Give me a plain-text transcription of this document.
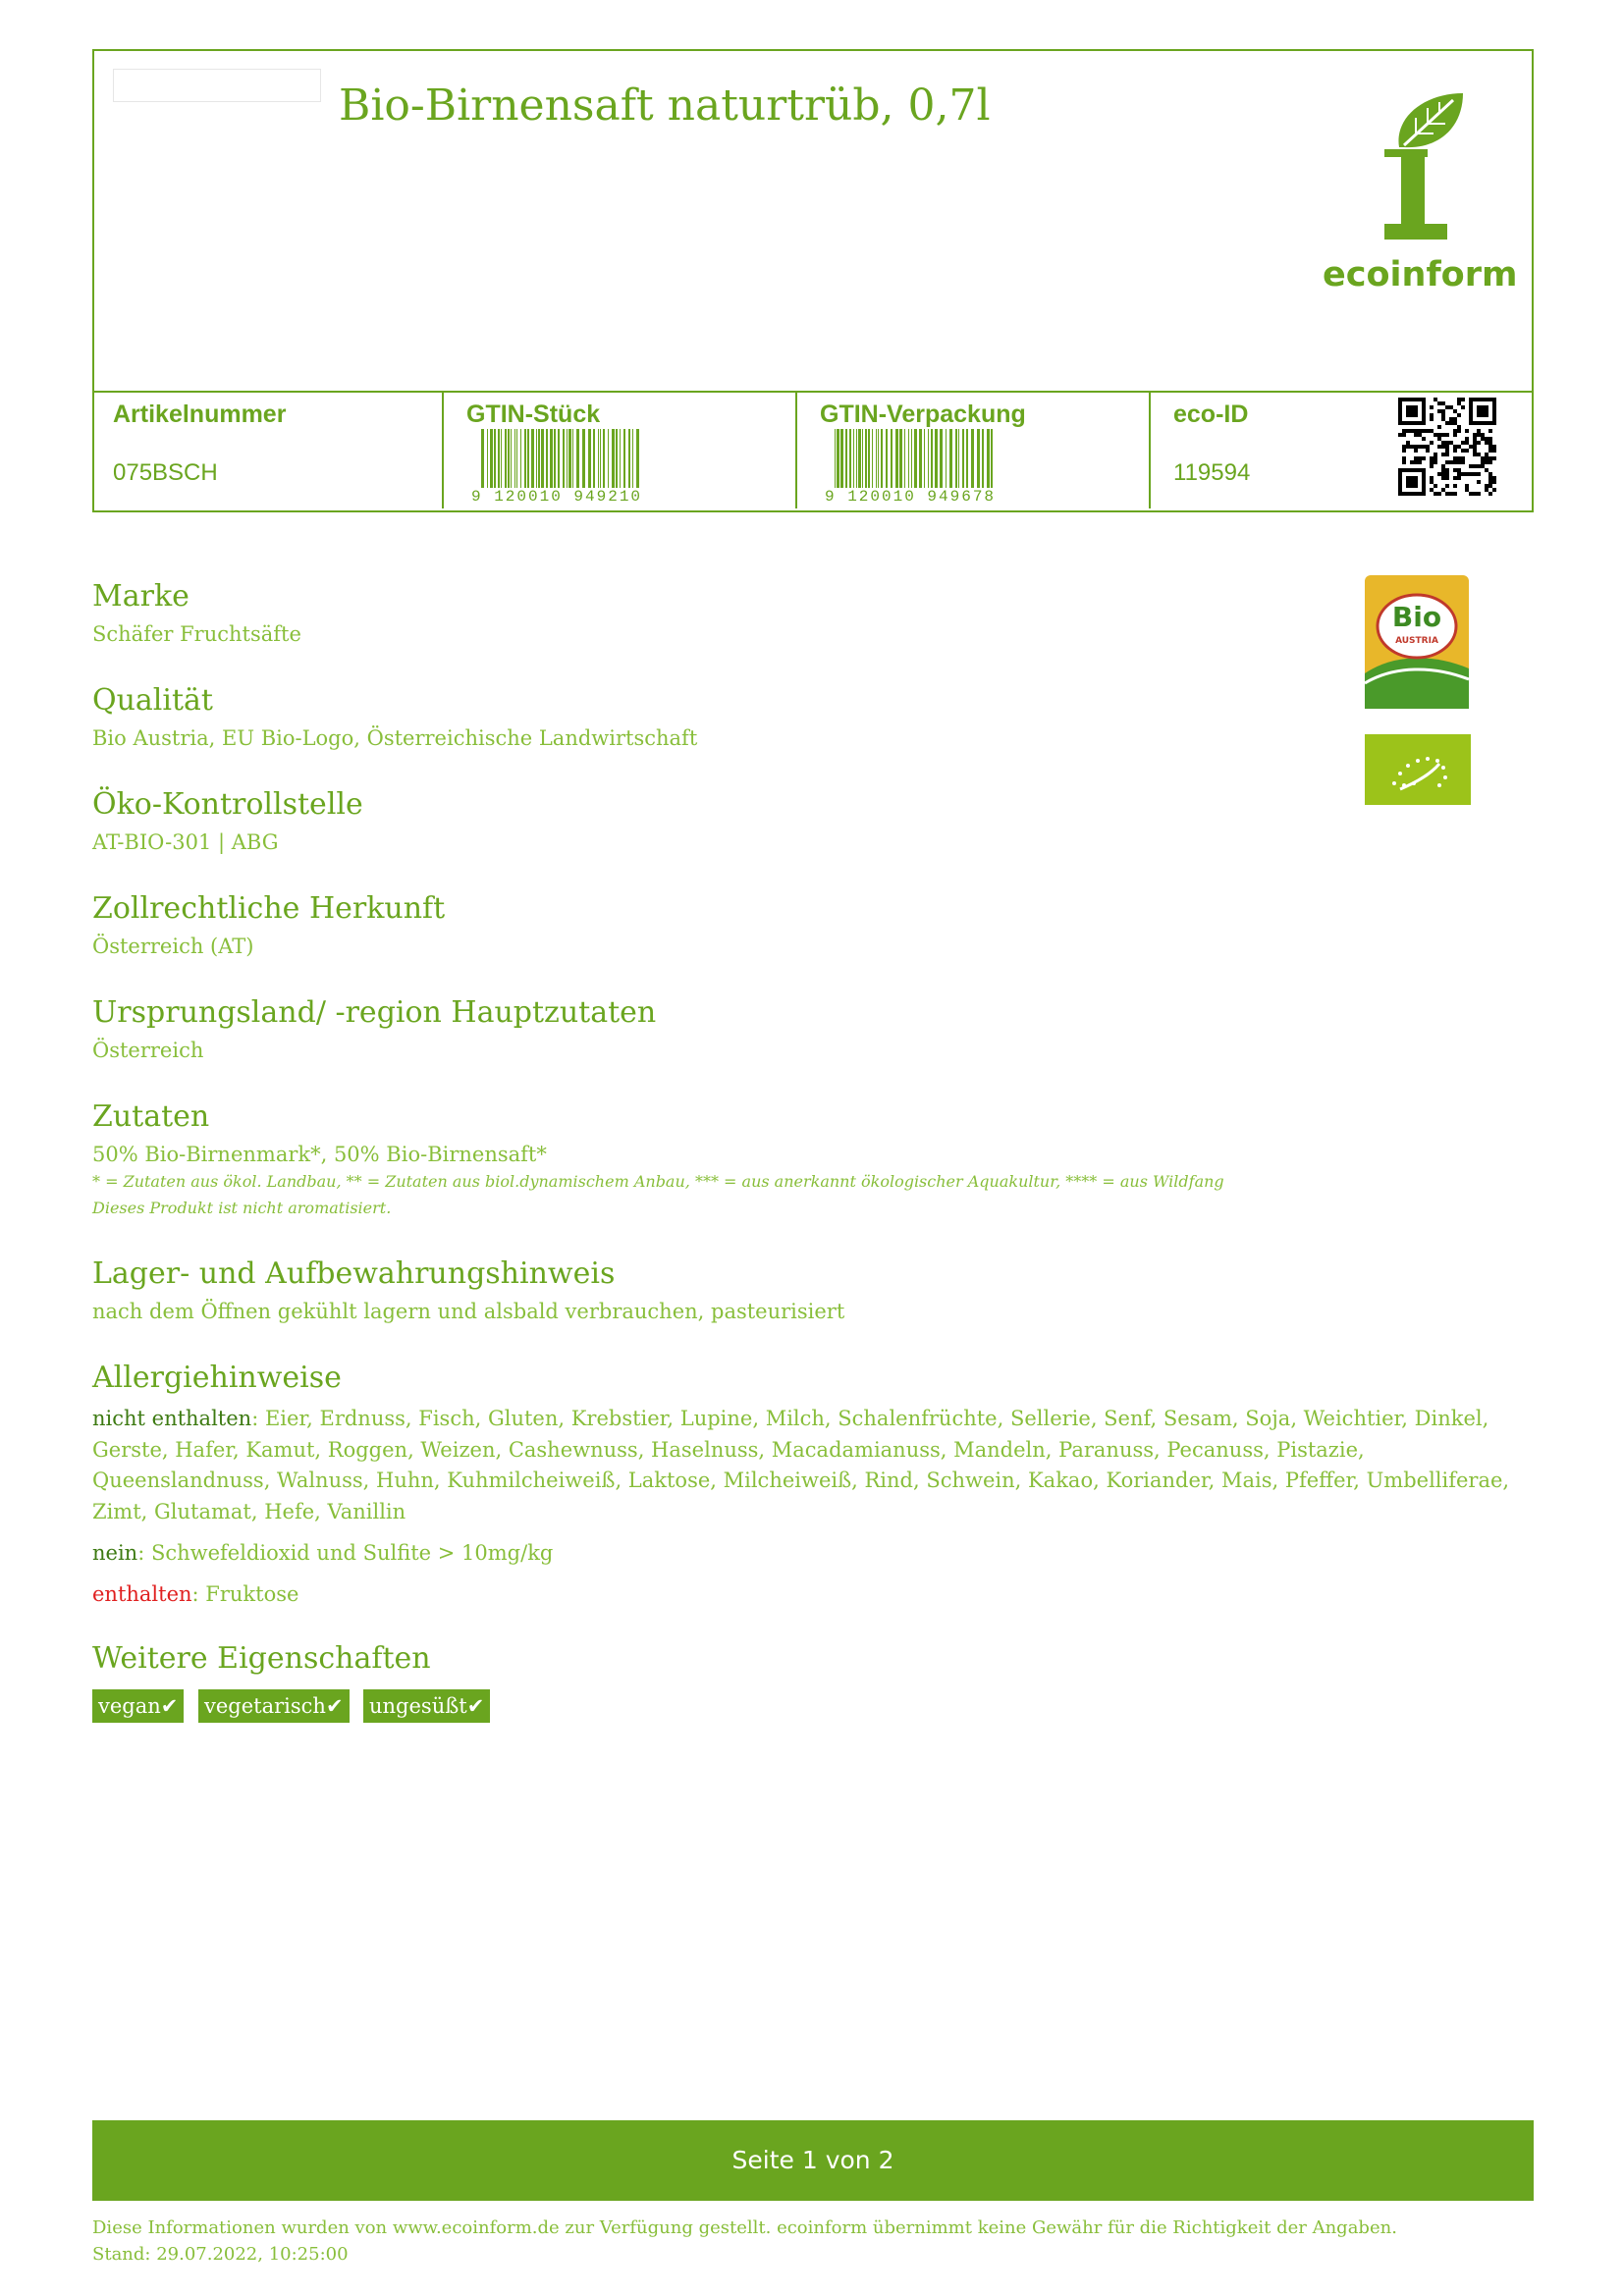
Bio-Birnensaft naturtrüb, 0,7l
ecoinform
Artikelnummer
075BSCH
GTIN-Stück
9 120010 949210
GTIN-Verpackung
9 120010 949678
eco-ID
119594
Bio
AUSTRIA
Marke
Schäfer Fruchtsäfte
Qualität
Bio Austria, EU Bio-Logo, Österreichische Landwirtschaft
Öko-Kontrollstelle
AT-BIO-301 | ABG
Zollrechtliche Herkunft
Österreich (AT)
Ursprungsland/ -region Hauptzutaten
Österreich
Zutaten
50% Bio-Birnenmark*, 50% Bio-Birnensaft*
* = Zutaten aus ökol. Landbau, ** = Zutaten aus biol.dynamischem Anbau, *** = aus anerkannt ökologischer Aquakultur, **** = aus Wildfang
Dieses Produkt ist nicht aromatisiert.
Lager- und Aufbewahrungshinweis
nach dem Öffnen gekühlt lagern und alsbald verbrauchen, pasteurisiert
Allergiehinweise
nicht enthalten: Eier, Erdnuss, Fisch, Gluten, Krebstier, Lupine, Milch, Schalenfrüchte, Sellerie, Senf, Sesam, Soja, Weichtier, Dinkel, Gerste, Hafer, Kamut, Roggen, Weizen, Cashewnuss, Haselnuss, Macadamianuss, Mandeln, Paranuss, Pecanuss, Pistazie, Queenslandnuss, Walnuss, Huhn, Kuhmilcheiweiß, Laktose, Milcheiweiß, Rind, Schwein, Kakao, Koriander, Mais, Pfeffer, Umbelliferae, Zimt, Glutamat, Hefe, Vanillin
nein: Schwefeldioxid und Sulfite > 10mg/kg
enthalten: Fruktose
Weitere Eigenschaften
vegan✔ vegetarisch✔ ungesüßt✔
Seite 1 von 2
Diese Informationen wurden von www.ecoinform.de zur Verfügung gestellt. ecoinform übernimmt keine Gewähr für die Richtigkeit der Angaben.
Stand: 29.07.2022, 10:25:00
